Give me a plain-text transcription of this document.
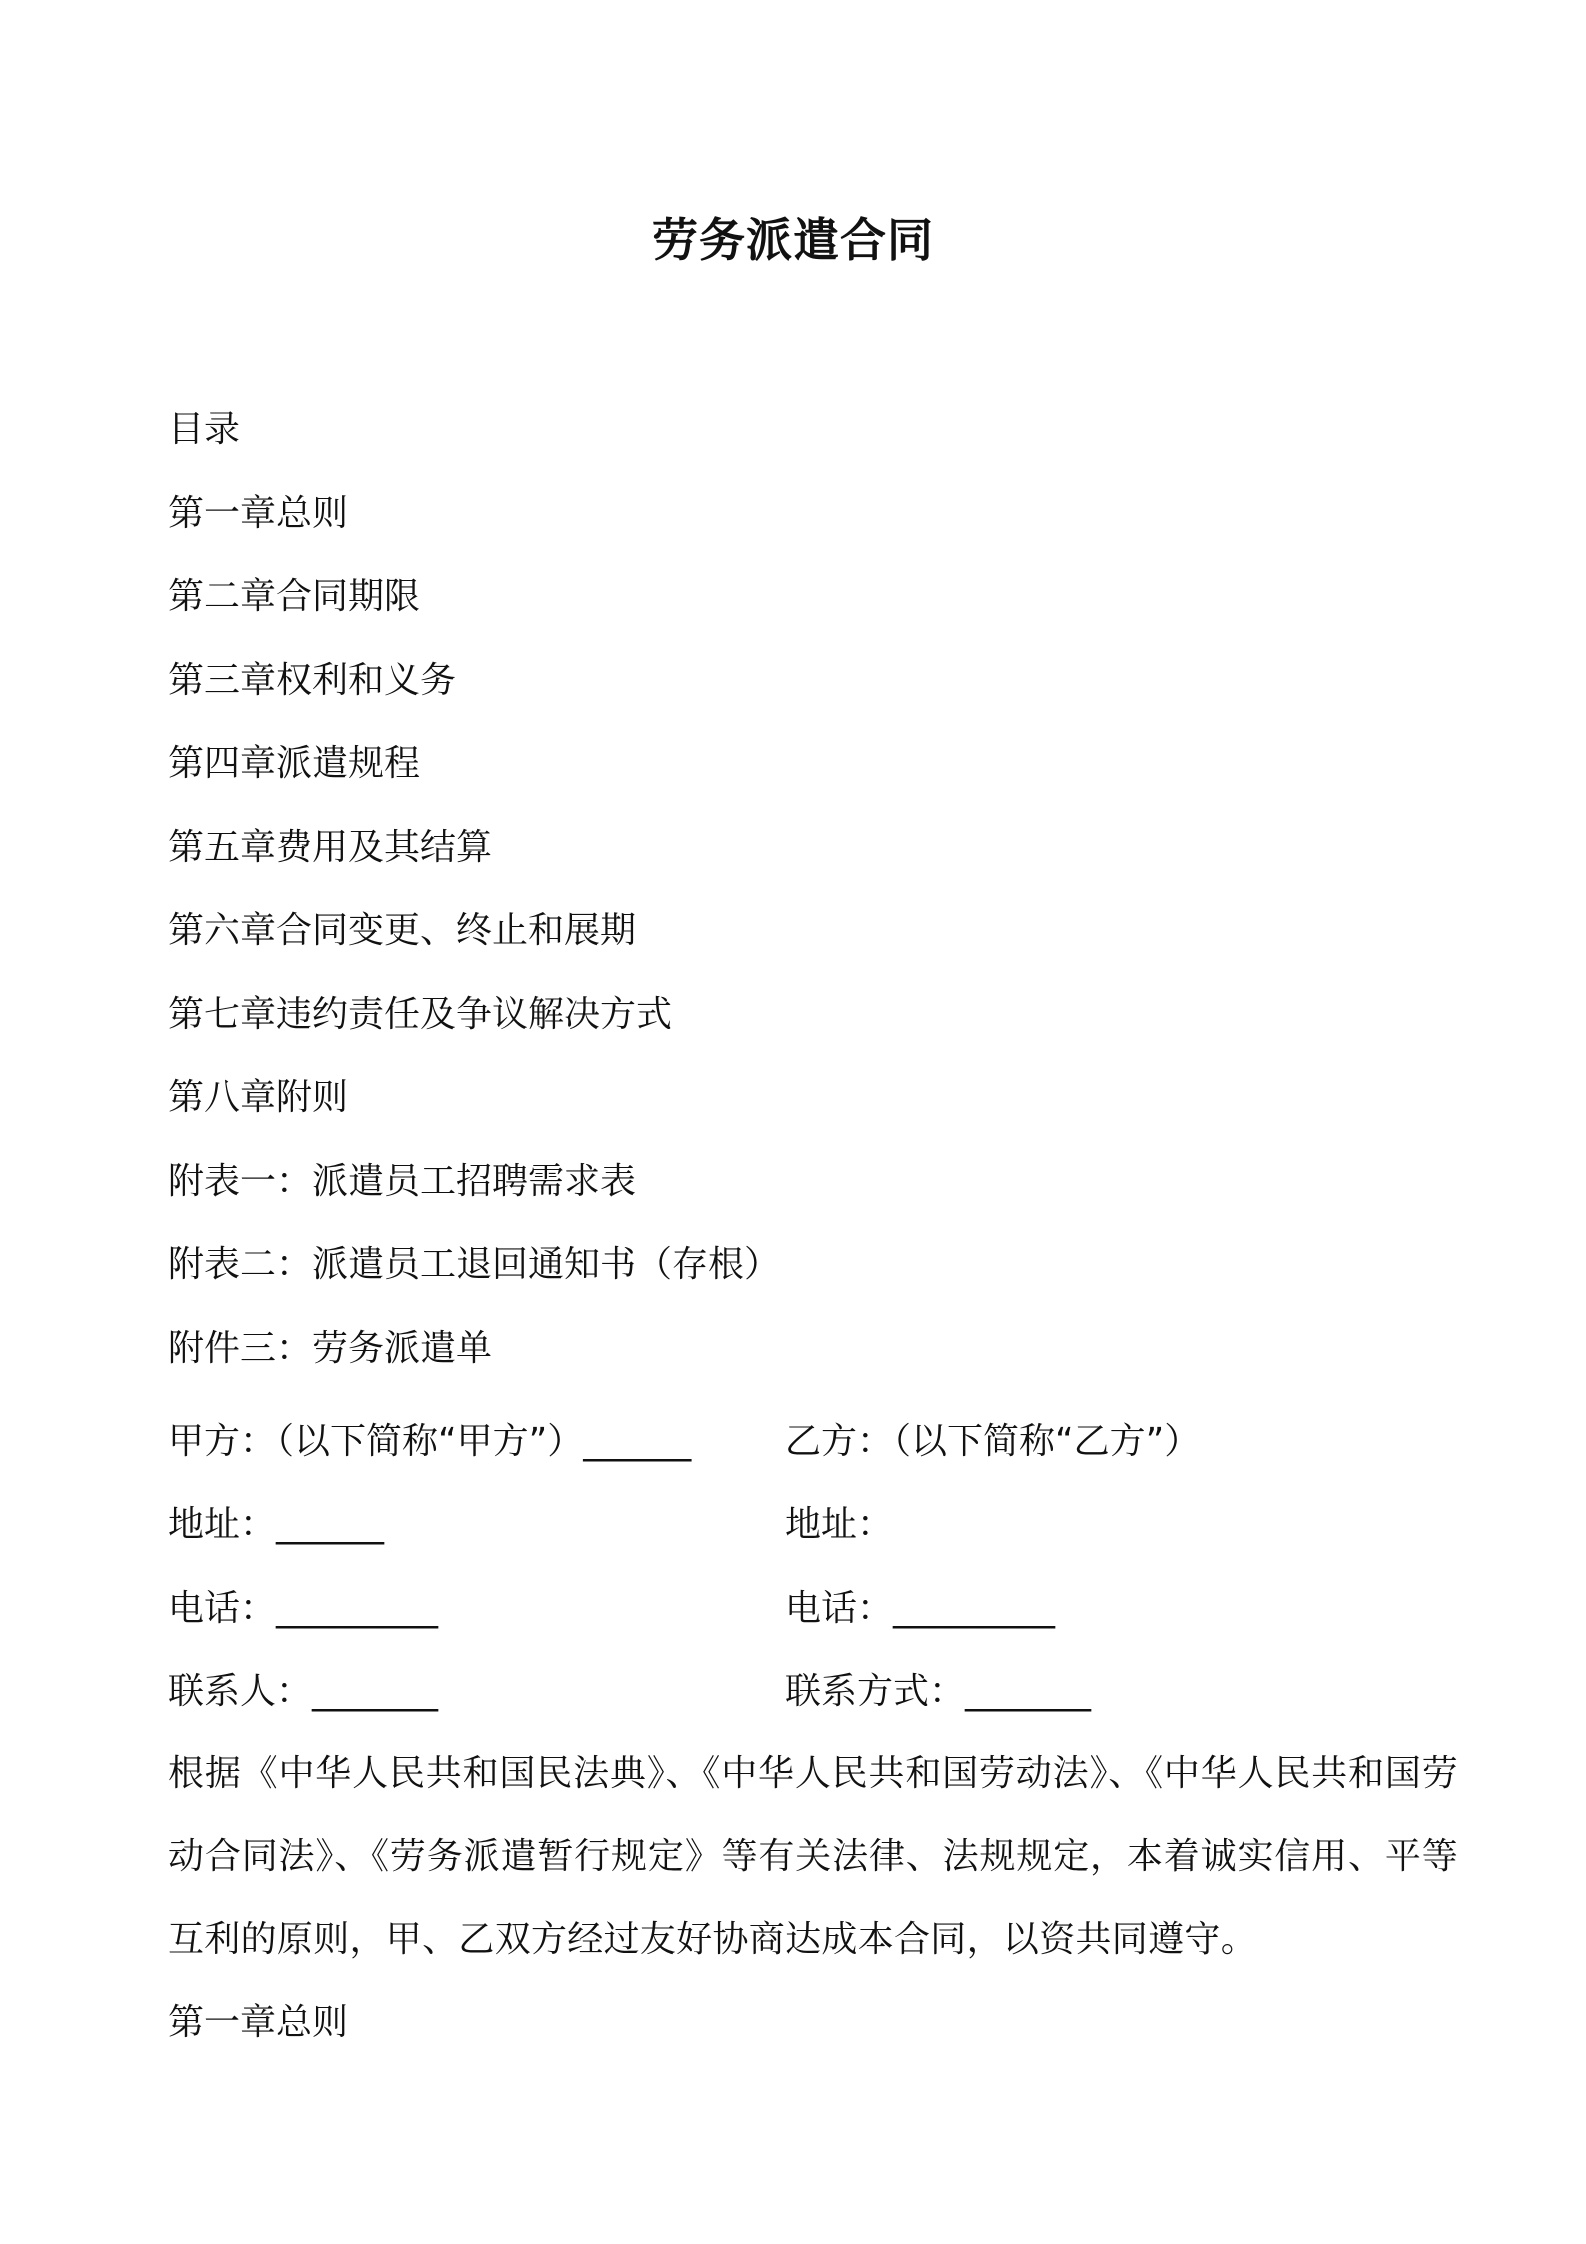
劳务派遣合同
目录
第一章总则
第二章合同期限
第三章权利和义务
第四章派遣规程
第五章费用及其结算
第六章合同变更、终止和展期
第七章违约责任及争议解决方式
第八章附则
附表一：派遣员工招聘需求表
附表二：派遣员工退回通知书（存根）
附件三：劳务派遣单
甲方：（以下简称“甲方”）______	乙方：（以下简称“乙方”）
地址：______	地址：
电话：_________	电话：_________
联系人：_______	联系方式：_______
根据《中华人民共和国民法典》、《中华人民共和国劳动法》、《中华人民共和国劳动合同法》、《劳务派遣暂行规定》等有关法律、法规规定，本着诚实信用、平等互利的原则，甲、乙双方经过友好协商达成本合同，以资共同遵守。
第一章总则
